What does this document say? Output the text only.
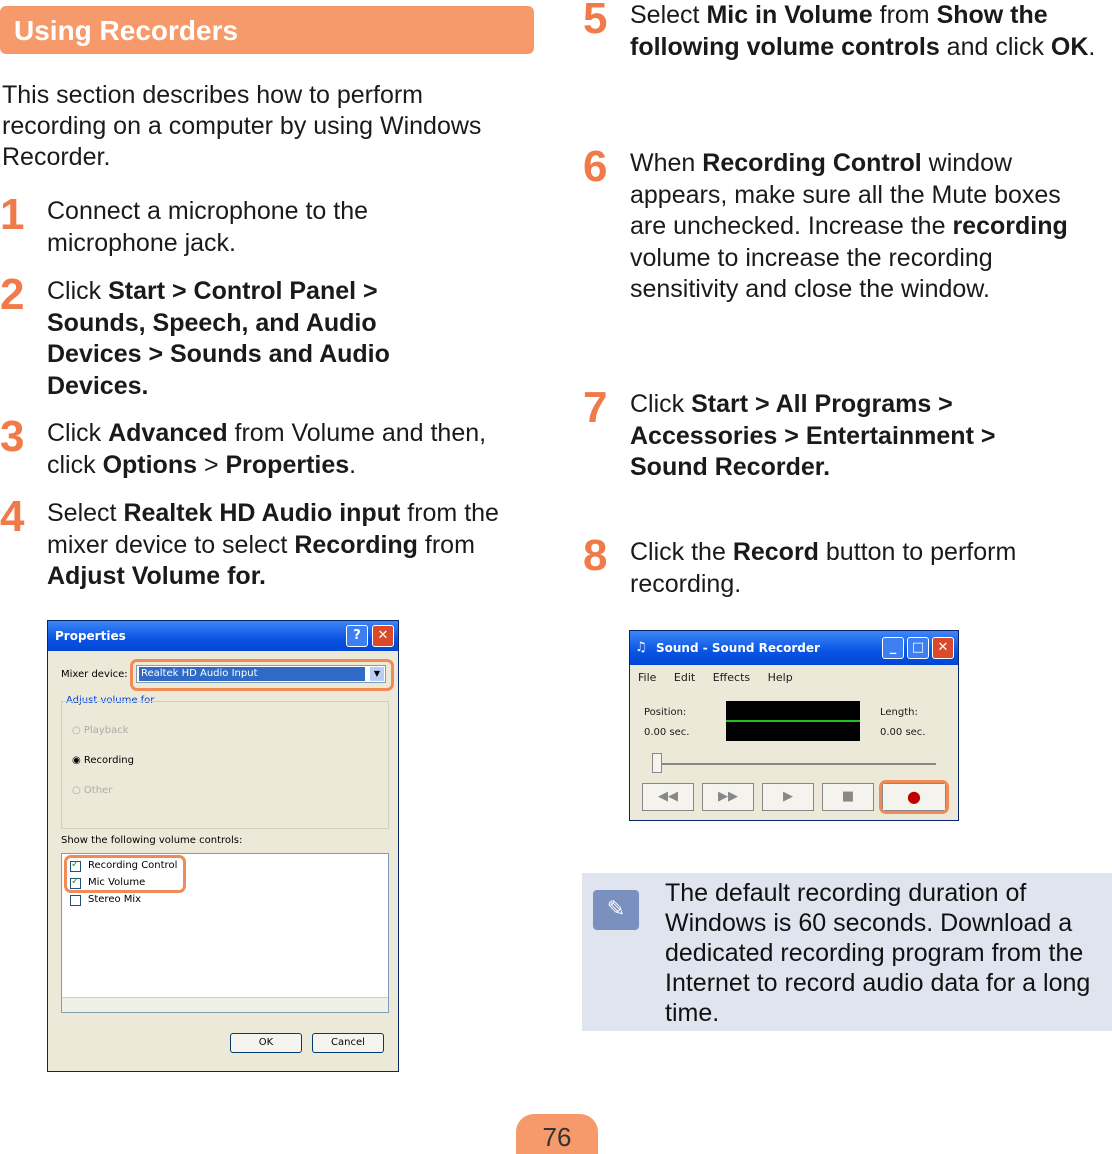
Using Recorders
This section describes how to perform recording on a computer by using Windows Recorder.
1 Connect a microphone to the microphone jack.
2 Click Start > Control Panel > Sounds, Speech, and Audio Devices > Sounds and Audio Devices.
3 Click Advanced from Volume and then, click Options > Properties.
4 Select Realtek HD Audio input from the mixer device to select Recording from Adjust Volume for.
Properties	?	✕
Mixer device: Realtek HD Audio Input	▼
Adjust volume for
○ Playback
◉ Recording
○ Other
Show the following volume controls:
✓
Recording Control
✓
Mic Volume
Stereo Mix
OK	Cancel
5 Select Mic in Volume from Show the following volume controls and click OK.
6 When Recording Control window appears, make sure all the Mute boxes are unchecked. Increase the recording volume to increase the recording sensitivity and close the window.
7 Click Start > All Programs > Accessories > Entertainment > Sound Recorder.
8 Click the Record button to perform recording.
Sound - Sound Recorder
♫	_	□	✕
File Edit Effects Help
Position:
0.00 sec.
Length:
0.00 sec.
◀◀	▶▶	▶	■	●
✎
The default recording duration of Windows is 60 seconds. Download a dedicated recording program from the Internet to record audio data for a long time.
76
